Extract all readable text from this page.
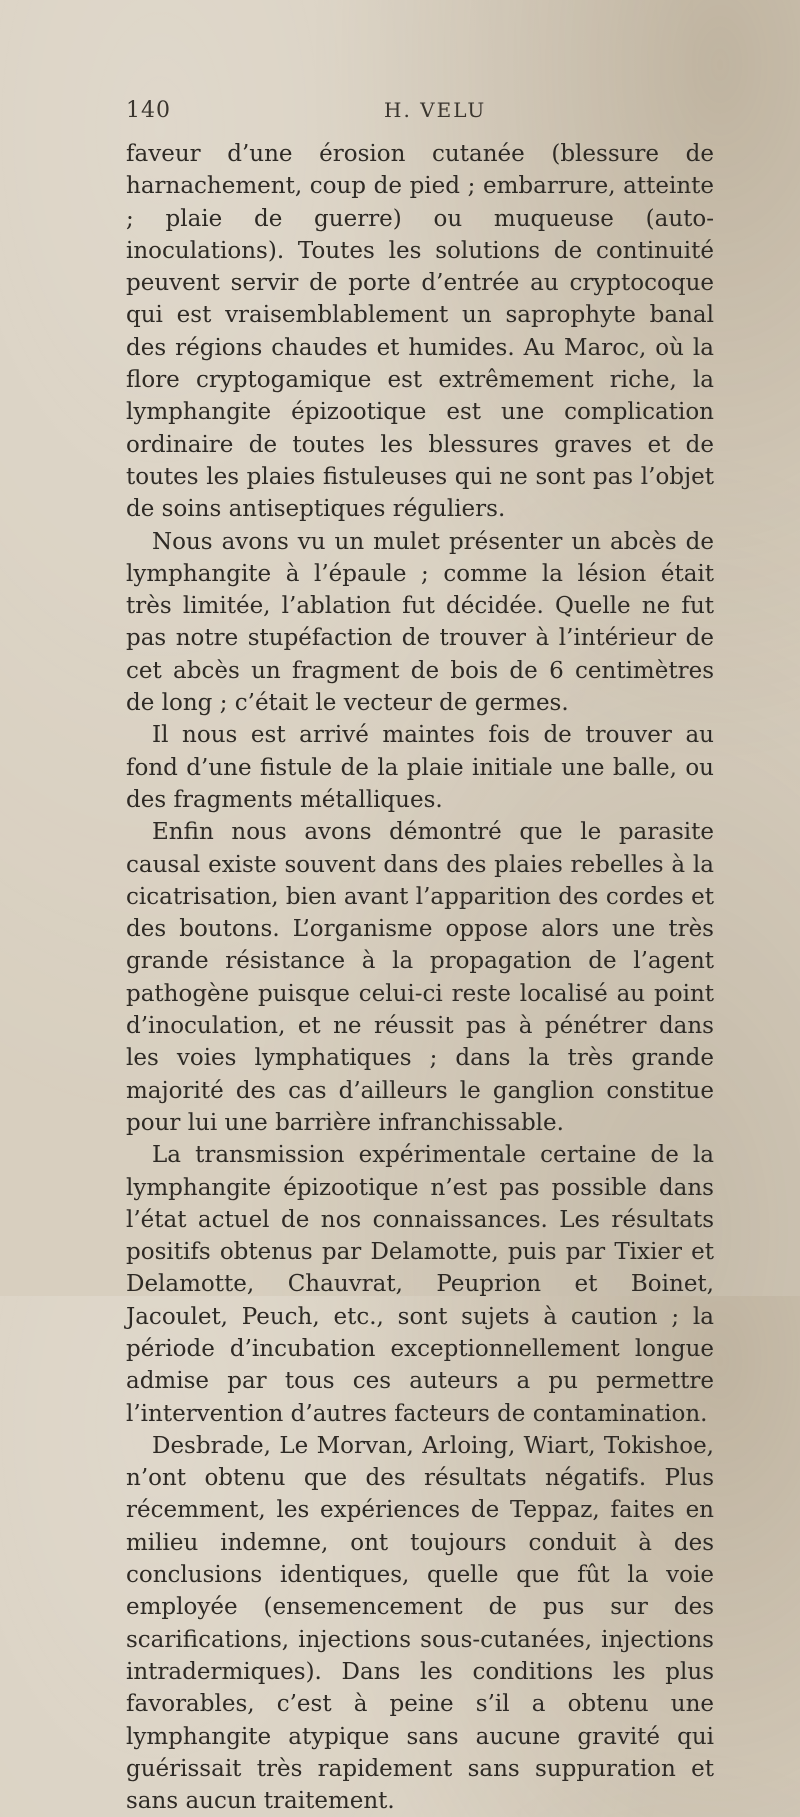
140	H. VELU

faveur d’une érosion cutanée (blessure de harnachement, coup de pied ; embarrure, atteinte ; plaie de guerre) ou muqueuse (auto-inoculations). Toutes les solutions de continuité peuvent servir de porte d’entrée au cryptocoque qui est vraisemblablement un saprophyte banal des régions chaudes et humides. Au Maroc, où la flore cryptogamique est extrêmement riche, la lymphangite épizootique est une complication ordinaire de toutes les blessures graves et de toutes les plaies fistuleuses qui ne sont pas l’objet de soins antiseptiques réguliers.

Nous avons vu un mulet présenter un abcès de lymphangite à l’épaule ; comme la lésion était très limitée, l’ablation fut décidée. Quelle ne fut pas notre stupéfaction de trouver à l’intérieur de cet abcès un fragment de bois de 6 centimètres de long ; c’était le vecteur de germes.

Il nous est arrivé maintes fois de trouver au fond d’une fistule de la plaie initiale une balle, ou des fragments métalliques.

Enfin nous avons démontré que le parasite causal existe souvent dans des plaies rebelles à la cicatrisation, bien avant l’apparition des cordes et des boutons. L’organisme oppose alors une très grande résistance à la propagation de l’agent pathogène puisque celui-ci reste localisé au point d’inoculation, et ne réussit pas à pénétrer dans les voies lymphatiques ; dans la très grande majorité des cas d’ailleurs le ganglion constitue pour lui une barrière infranchissable.

La transmission expérimentale certaine de la lymphangite épizootique n’est pas possible dans l’état actuel de nos connaissances. Les résultats positifs obtenus par Delamotte, puis par Tixier et Delamotte, Chauvrat, Peuprion et Boinet, Jacoulet, Peuch, etc., sont sujets à caution ; la période d’incubation exceptionnellement longue admise par tous ces auteurs a pu permettre l’intervention d’autres facteurs de contamination.

Desbrade, Le Morvan, Arloing, Wiart, Tokishoe, n’ont obtenu que des résultats négatifs. Plus récemment, les expériences de Teppaz, faites en milieu indemne, ont toujours conduit à des conclusions identiques, quelle que fût la voie employée (ensemencement de pus sur des scarifications, injections sous-cutanées, injections intradermiques). Dans les conditions les plus favorables, c’est à peine s’il a obtenu une lymphangite atypique sans aucune gravité qui guérissait très rapidement sans suppuration et sans aucun traitement.
